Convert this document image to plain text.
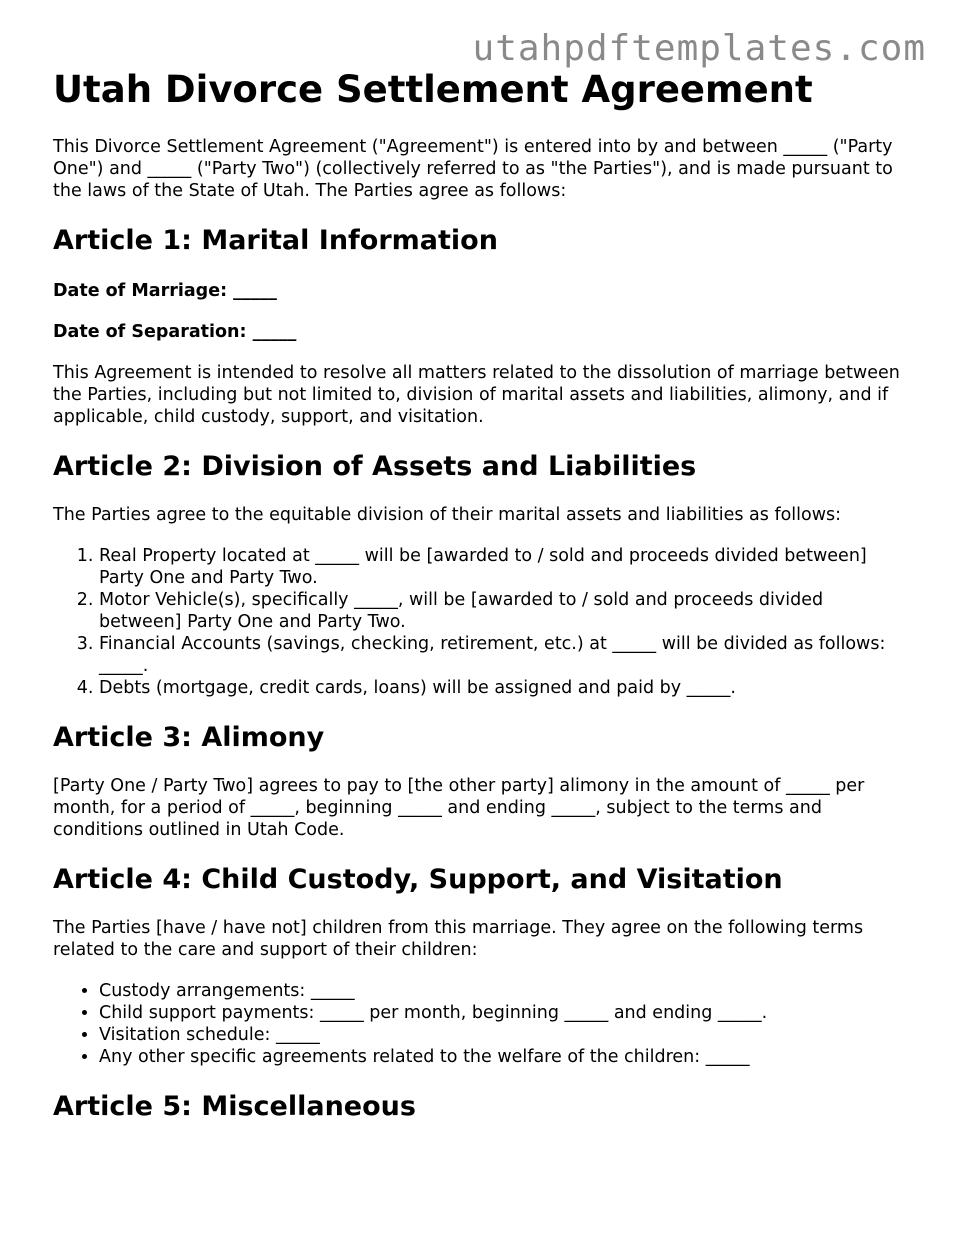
utahpdftemplates.com
Utah Divorce Settlement Agreement

This Divorce Settlement Agreement ("Agreement") is entered into by and between _____ ("Party One") and _____ ("Party Two") (collectively referred to as "the Parties"), and is made pursuant to the laws of the State of Utah. The Parties agree as follows:

Article 1: Marital Information

Date of Marriage: _____

Date of Separation: _____

This Agreement is intended to resolve all matters related to the dissolution of marriage between the Parties, including but not limited to, division of marital assets and liabilities, alimony, and if applicable, child custody, support, and visitation.

Article 2: Division of Assets and Liabilities

The Parties agree to the equitable division of their marital assets and liabilities as follows:

1. Real Property located at _____ will be [awarded to / sold and proceeds divided between] Party One and Party Two.
2. Motor Vehicle(s), specifically _____, will be [awarded to / sold and proceeds divided between] Party One and Party Two.
3. Financial Accounts (savings, checking, retirement, etc.) at _____ will be divided as follows: _____.
4. Debts (mortgage, credit cards, loans) will be assigned and paid by _____.
Article 3: Alimony

[Party One / Party Two] agrees to pay to [the other party] alimony in the amount of _____ per month, for a period of _____, beginning _____ and ending _____, subject to the terms and conditions outlined in Utah Code.

Article 4: Child Custody, Support, and Visitation

The Parties [have / have not] children from this marriage. They agree on the following terms related to the care and support of their children:

• Custody arrangements: _____
• Child support payments: _____ per month, beginning _____ and ending _____.
• Visitation schedule: _____
• Any other specific agreements related to the welfare of the children: _____
Article 5: Miscellaneous
